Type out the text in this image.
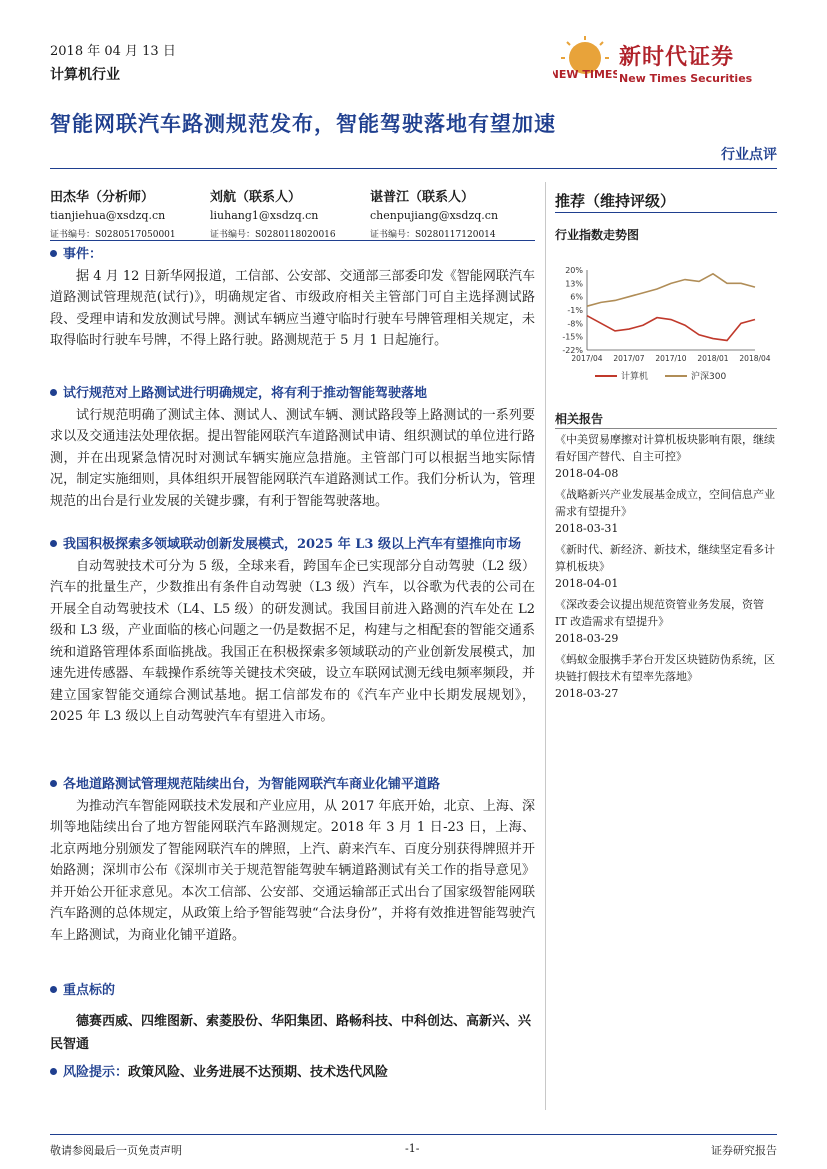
2018 年 04 月 13 日
计算机行业	NEW TIMES
新时代证券
New Times Securities
智能网联汽车路测规范发布，智能驾驶落地有望加速
行业点评
田杰华（分析师）
tianjiehua@xsdzq.cn
证书编号：S0280517050001
刘航（联系人）
liuhang1@xsdzq.cn
证书编号：S0280118020016
谌普江（联系人）
chenpujiang@xsdzq.cn
证书编号：S0280117120014
事件：
据 4 月 12 日新华网报道，工信部、公安部、交通部三部委印发《智能网联汽车道路测试管理规范(试行)》，明确规定省、市级政府相关主管部门可自主选择测试路段、受理申请和发放测试号牌。测试车辆应当遵守临时行驶车号牌管理相关规定，未取得临时行驶车号牌，不得上路行驶。路测规范于 5 月 1 日起施行。
试行规范对上路测试进行明确规定，将有利于推动智能驾驶落地
试行规范明确了测试主体、测试人、测试车辆、测试路段等上路测试的一系列要求以及交通违法处理依据。提出智能网联汽车道路测试申请、组织测试的单位进行路测，并在出现紧急情况时对测试车辆实施应急措施。主管部门可以根据当地实际情况，制定实施细则，具体组织开展智能网联汽车道路测试工作。我们分析认为，管理规范的出台是行业发展的关键步骤，有利于智能驾驶落地。
我国积极探索多领域联动创新发展模式，2025 年 L3 级以上汽车有望推向市场
自动驾驶技术可分为 5 级，全球来看，跨国车企已实现部分自动驾驶（L2 级）汽车的批量生产，少数推出有条件自动驾驶（L3 级）汽车，以谷歌为代表的公司在开展全自动驾驶技术（L4、L5 级）的研发测试。我国目前进入路测的汽车处在 L2 级和 L3 级，产业面临的核心问题之一仍是数据不足，构建与之相配套的智能交通系统和道路管理体系面临挑战。我国正在积极探索多领域联动的产业创新发展模式，加速先进传感器、车载操作系统等关键技术突破，设立车联网试测无线电频率频段，并建立国家智能交通综合测试基地。据工信部发布的《汽车产业中长期发展规划》，2025 年 L3 级以上自动驾驶汽车有望进入市场。
各地道路测试管理规范陆续出台，为智能网联汽车商业化铺平道路
为推动汽车智能网联技术发展和产业应用，从 2017 年底开始，北京、上海、深圳等地陆续出台了地方智能网联汽车路测规定。2018 年 3 月 1 日-23 日，上海、北京两地分别颁发了智能网联汽车的牌照，上汽、蔚来汽车、百度分别获得牌照并开始路测；深圳市公布《深圳市关于规范智能驾驶车辆道路测试有关工作的指导意见》并开始公开征求意见。本次工信部、公安部、交通运输部正式出台了国家级智能网联汽车路测的总体规定，从政策上给予智能驾驶“合法身份”，并将有效推进智能驾驶汽车上路测试，为商业化铺平道路。
重点标的
德赛西威、四维图新、索菱股份、华阳集团、路畅科技、中科创达、高新兴、兴民智通
风险提示：政策风险、业务进展不达预期、技术迭代风险
推荐（维持评级）
行业指数走势图
20%
13%
6%
-1%
-8%
-15%
-22%
2017/04 2017/07 2017/10 2018/01 2018/04
计算机	沪深300
相关报告
《中美贸易摩擦对计算机板块影响有限，继续看好国产替代、自主可控》
2018-04-08
《战略新兴产业发展基金成立，空间信息产业需求有望提升》
2018-03-31
《新时代、新经济、新技术，继续坚定看多计算机板块》
2018-04-01
《深改委会议提出规范资管业务发展，资管 IT 改造需求有望提升》
2018-03-29
《蚂蚁金服携手茅台开发区块链防伪系统，区块链打假技术有望率先落地》
2018-03-27
敬请参阅最后一页免责声明	-1-	证券研究报告
